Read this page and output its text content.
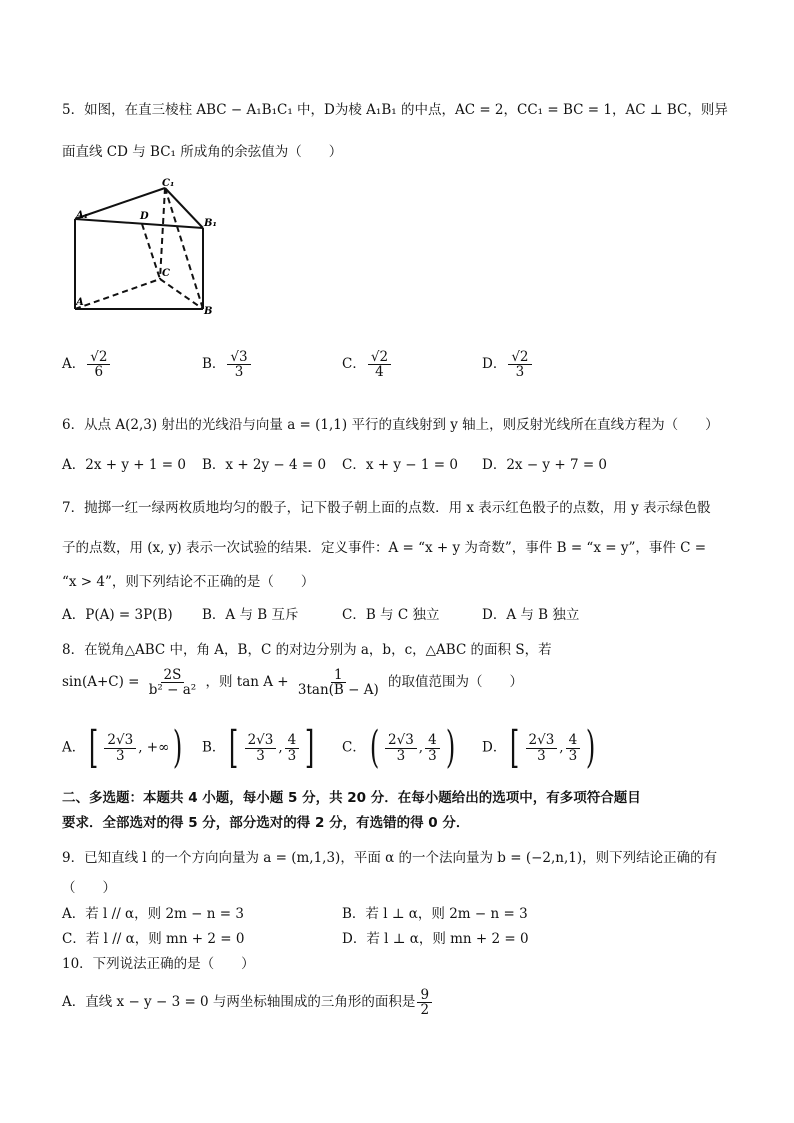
5．如图，在直三棱柱 ABC − A₁B₁C₁ 中，D为棱 A₁B₁ 的中点，AC = 2，CC₁ = BC = 1，AC ⊥ BC，则异
面直线 CD 与 BC₁ 所成角的余弦值为（　　）
C₁
A₁	D
B₁
C
A
B
A． $\frac{√2}{6}$	B． $\frac{√3}{3}$	C． $\frac{√2}{4}$	D． $\frac{√2}{3}$
6．从点 A(2,3) 射出的光线沿与向量 a = (1,1) 平行的直线射到 y 轴上，则反射光线所在直线方程为（　　）
A．2x + y + 1 = 0 B．x + 2y − 4 = 0 C．x + y − 1 = 0 D．2x − y + 7 = 0
7．抛掷一红一绿两枚质地均匀的骰子，记下骰子朝上面的点数．用 x 表示红色骰子的点数，用 y 表示绿色骰
子的点数，用 (x, y) 表示一次试验的结果．定义事件：A = “x + y 为奇数”，事件 B = “x = y”，事件 C =
“x > 4”，则下列结论不正确的是（　　）
A．P(A) = 3P(B) B．A 与 B 互斥	C．B 与 C 独立	D．A 与 B 独立
8．在锐角△ABC 中，角 A，B，C 的对边分别为 a，b，c，△ABC 的面积 S，若
$\sin(A+C) = \frac{2S}{\text{b² − a²}}$ ，则 $\tan A + \frac{1}{3\tan(B - A)}$ 的取值范围为（　　）
A．[ $\frac{2√3}{3}$ , +∞) B．[ $\frac{2√3}{3}$ , $\frac{4}{3}$ ] C．( $\frac{2√3}{3}$ , $\frac{4}{3}$ ) D．[ $\frac{2√3}{3}$ , $\frac{4}{3}$ )
二、多选题：本题共 4 小题，每小题 5 分，共 20 分．在每小题给出的选项中，有多项符合题目
要求．全部选对的得 5 分，部分选对的得 2 分，有选错的得 0 分．
9．已知直线 l 的一个方向向量为 a = (m,1,3)，平面 α 的一个法向量为 b = (−2,n,1)，则下列结论正确的有
（　　）
A．若 l // α，则 2m − n = 3	B．若 l ⊥ α，则 2m − n = 3
C．若 l // α，则 mn + 2 = 0	D．若 l ⊥ α，则 mn + 2 = 0
10．下列说法正确的是（　　）
A．直线 x − y − 3 = 0 与两坐标轴围成的三角形的面积是 $\frac{9}{2}$
